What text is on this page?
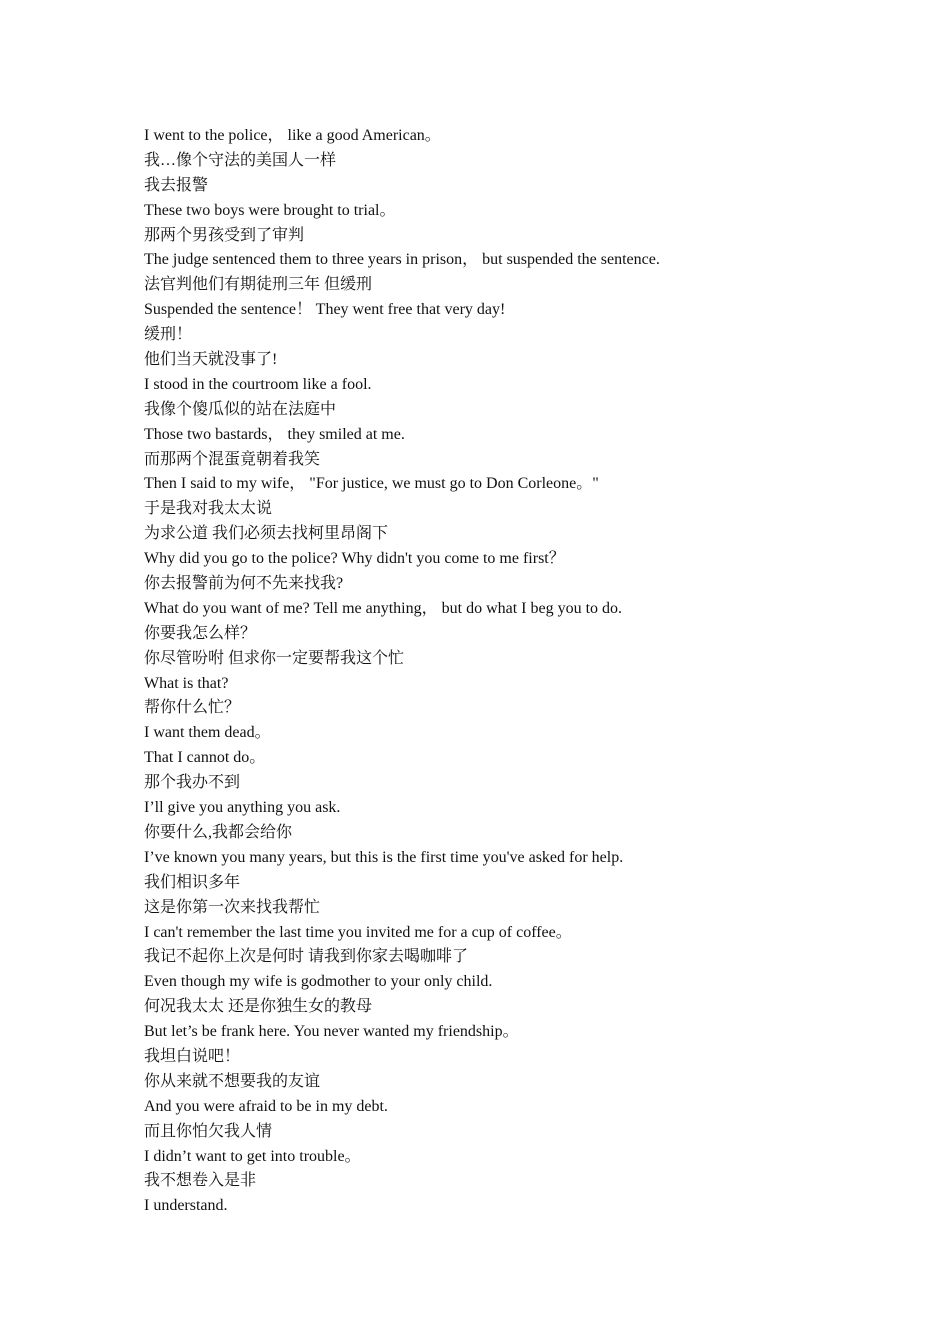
I went to the police， like a good American。
我…像个守法的美国人一样
我去报警
These two boys were brought to trial。
那两个男孩受到了审判
The judge sentenced them to three years in prison， but suspended the sentence.
法官判他们有期徒刑三年 但缓刑
Suspended the sentence！ They went free that very day!
缓刑！
他们当天就没事了!
I stood in the courtroom like a fool.
我像个傻瓜似的站在法庭中
Those two bastards， they smiled at me.
而那两个混蛋竟朝着我笑
Then I said to my wife， "For justice, we must go to Don Corleone。"
于是我对我太太说
为求公道 我们必须去找柯里昂阁下
Why did you go to the police? Why didn't you come to me first？
你去报警前为何不先来找我?
What do you want of me? Tell me anything， but do what I beg you to do.
你要我怎么样？
你尽管吩咐 但求你一定要帮我这个忙
What is that?
帮你什么忙？
I want them dead。
That I cannot do。
那个我办不到
I’ll give you anything you ask.
你要什么,我都会给你
I’ve known you many years, but this is the first time you've asked for help.
我们相识多年
这是你第一次来找我帮忙
I can't remember the last time you invited me for a cup of coffee。
我记不起你上次是何时 请我到你家去喝咖啡了
Even though my wife is godmother to your only child.
何况我太太 还是你独生女的教母
But let’s be frank here. You never wanted my friendship。
我坦白说吧！
你从来就不想要我的友谊
And you were afraid to be in my debt.
而且你怕欠我人情
I didn’t want to get into trouble。
我不想卷入是非
I understand.
